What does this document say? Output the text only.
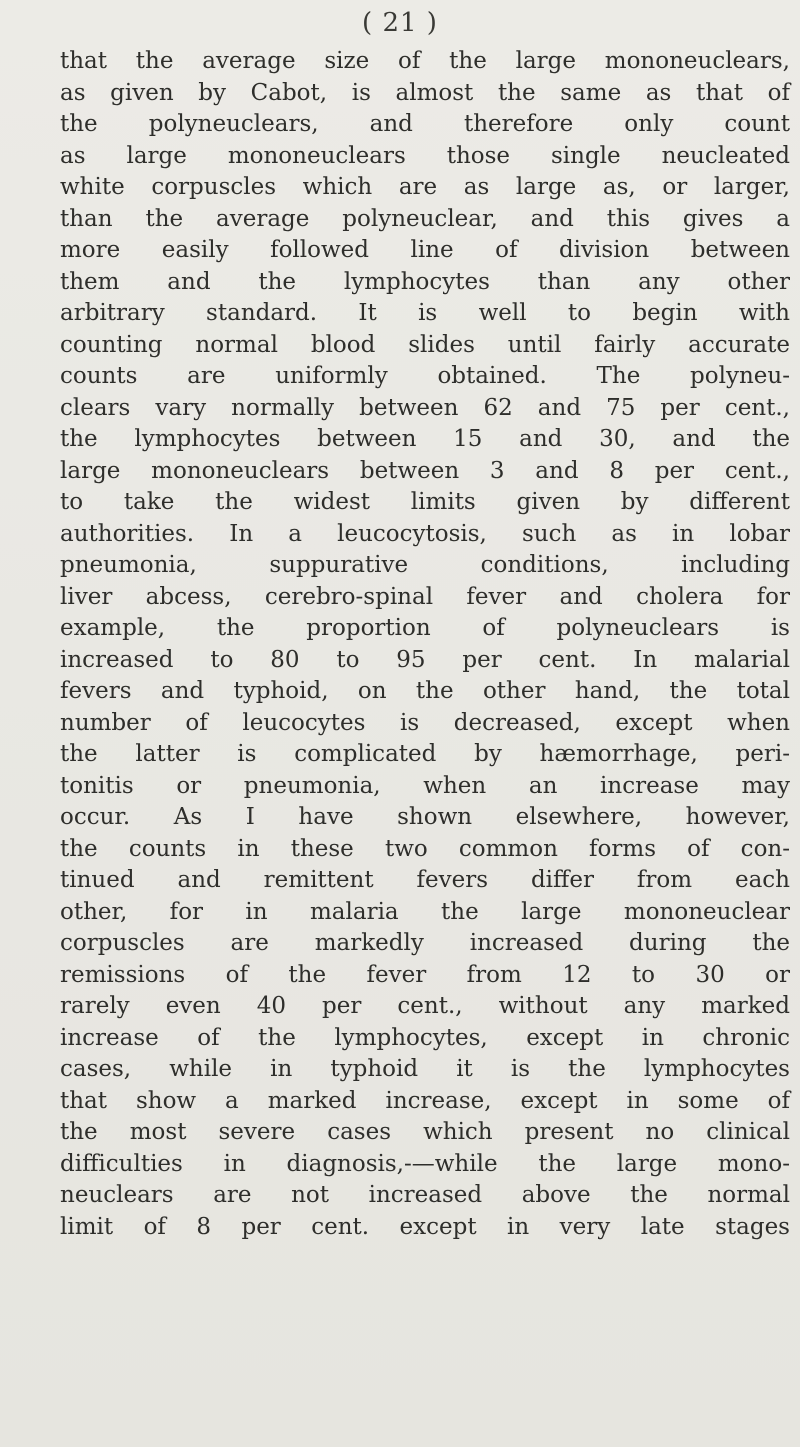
( 21 )
that the average size of the large mononeuclears,
as given by Cabot, is almost the same as that of
the polyneuclears, and therefore only count
as large mononeuclears those single neucleated
white corpuscles which are as large as, or larger,
than the average polyneuclear, and this gives a
more easily followed line of division between
them and the lymphocytes than any other
arbitrary standard. It is well to begin with
counting normal blood slides until fairly accurate
counts are uniformly obtained. The polyneu-
clears vary normally between 62 and 75 per cent.,
the lymphocytes between 15 and 30, and the
large mononeuclears between 3 and 8 per cent.,
to take the widest limits given by different
authorities. In a leucocytosis, such as in lobar
pneumonia, suppurative conditions, including
liver abcess, cerebro-spinal fever and cholera for
example, the proportion of polyneuclears is
increased to 80 to 95 per cent. In malarial
fevers and typhoid, on the other hand, the total
number of leucocytes is decreased, except when
the latter is complicated by hæmorrhage, peri-
tonitis or pneumonia, when an increase may
occur. As I have shown elsewhere, however,
the counts in these two common forms of con-
tinued and remittent fevers differ from each
other, for in malaria the large mononeuclear
corpuscles are markedly increased during the
remissions of the fever from 12 to 30 or
rarely even 40 per cent., without any marked
increase of the lymphocytes, except in chronic
cases, while in typhoid it is the lymphocytes
that show a marked increase, except in some of
the most severe cases which present no clinical
difficulties in diagnosis,-—while the large mono-
neuclears are not increased above the normal
limit of 8 per cent. except in very late stages
